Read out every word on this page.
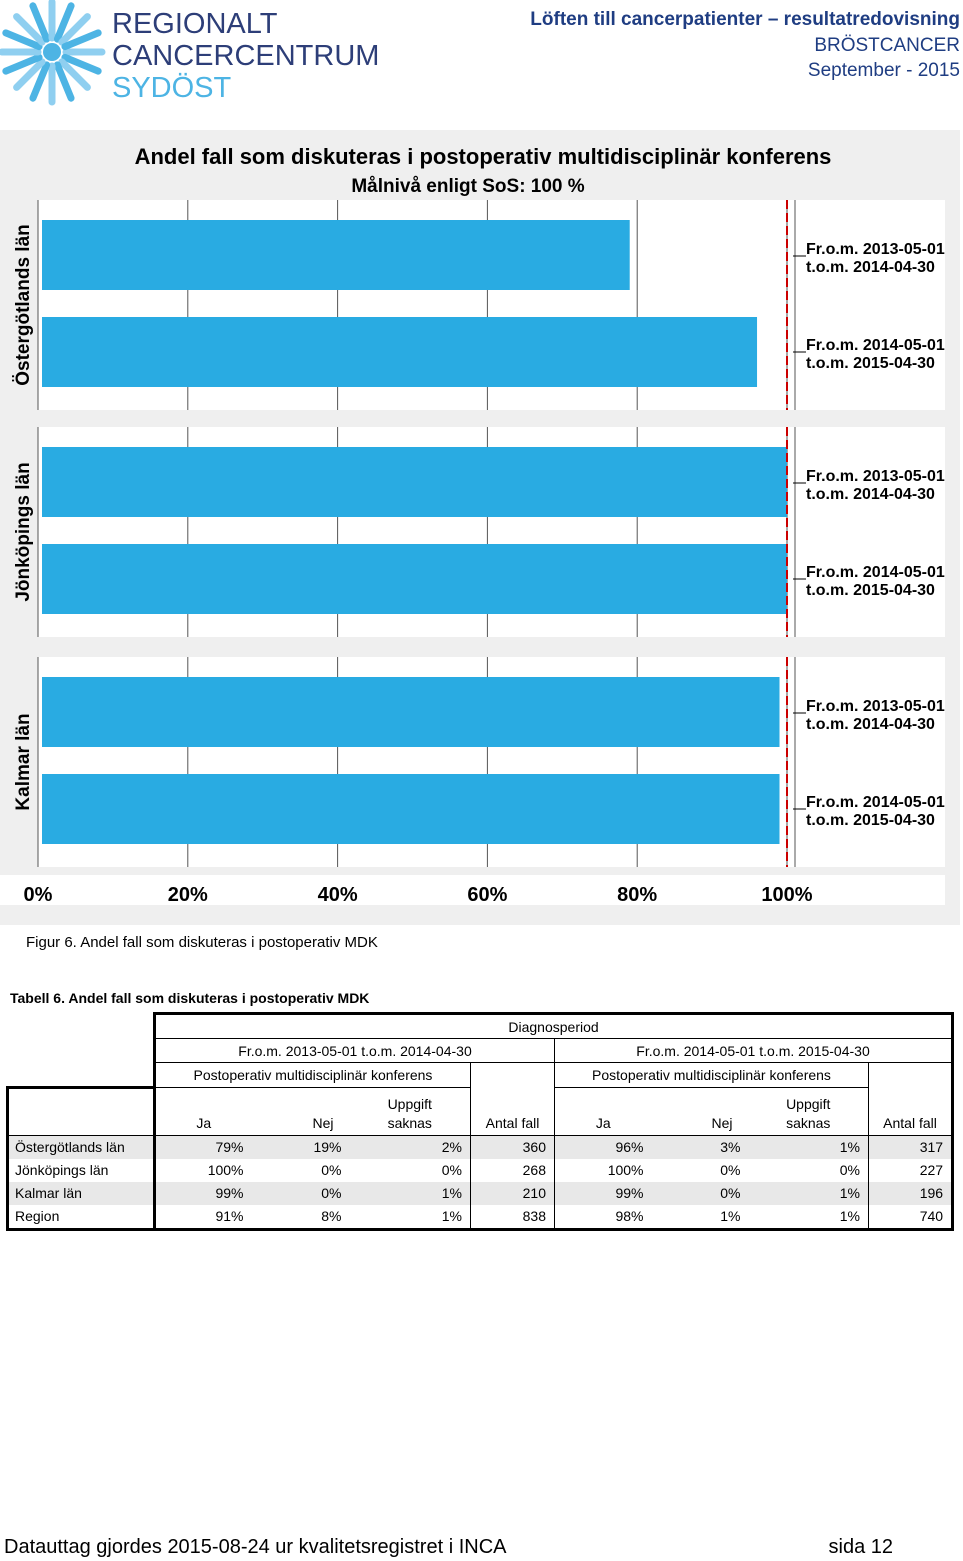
REGIONALT
CANCERCENTRUM
SYDÖST
Löften till cancerpatienter – resultatredovisning
BRÖSTCANCER
September - 2015
Andel fall som diskuteras i postoperativ multidisciplinär konferens
Målnivå enligt SoS: 100 %
Fr.o.m. 2013-05-01
t.o.m. 2014-04-30
Fr.o.m. 2014-05-01
t.o.m. 2015-04-30
Östergötlands län
Fr.o.m. 2013-05-01
t.o.m. 2014-04-30
Fr.o.m. 2014-05-01
t.o.m. 2015-04-30
Jönköpings län
Fr.o.m. 2013-05-01
t.o.m. 2014-04-30
Fr.o.m. 2014-05-01
t.o.m. 2015-04-30
Kalmar län
0%	20%	40%	60%	80%	100%
Figur 6. Andel fall som diskuteras i postoperativ MDK
Tabell 6. Andel fall som diskuteras i postoperativ MDK
	Diagnosperiod							
	Fr.o.m. 2013-05-01 t.o.m. 2014-04-30				Fr.o.m. 2014-05-01 t.o.m. 2015-04-30			
	Postoperativ multidisciplinär konferens				Postoperativ multidisciplinär konferens			
			Uppgift				Uppgift	
	Ja	Nej	saknas	Antal fall	Ja	Nej	saknas	Antal fall
Östergötlands län	79%	19%	2%	360	96%	3%	1%	317
Jönköpings län	100%	0%	0%	268	100%	0%	0%	227
Kalmar län	99%	0%	1%	210	99%	0%	1%	196
Region	91%	8%	1%	838	98%	1%	1%	740
Datauttag gjordes 2015-08-24 ur kvalitetsregistret i INCA	sida 12
